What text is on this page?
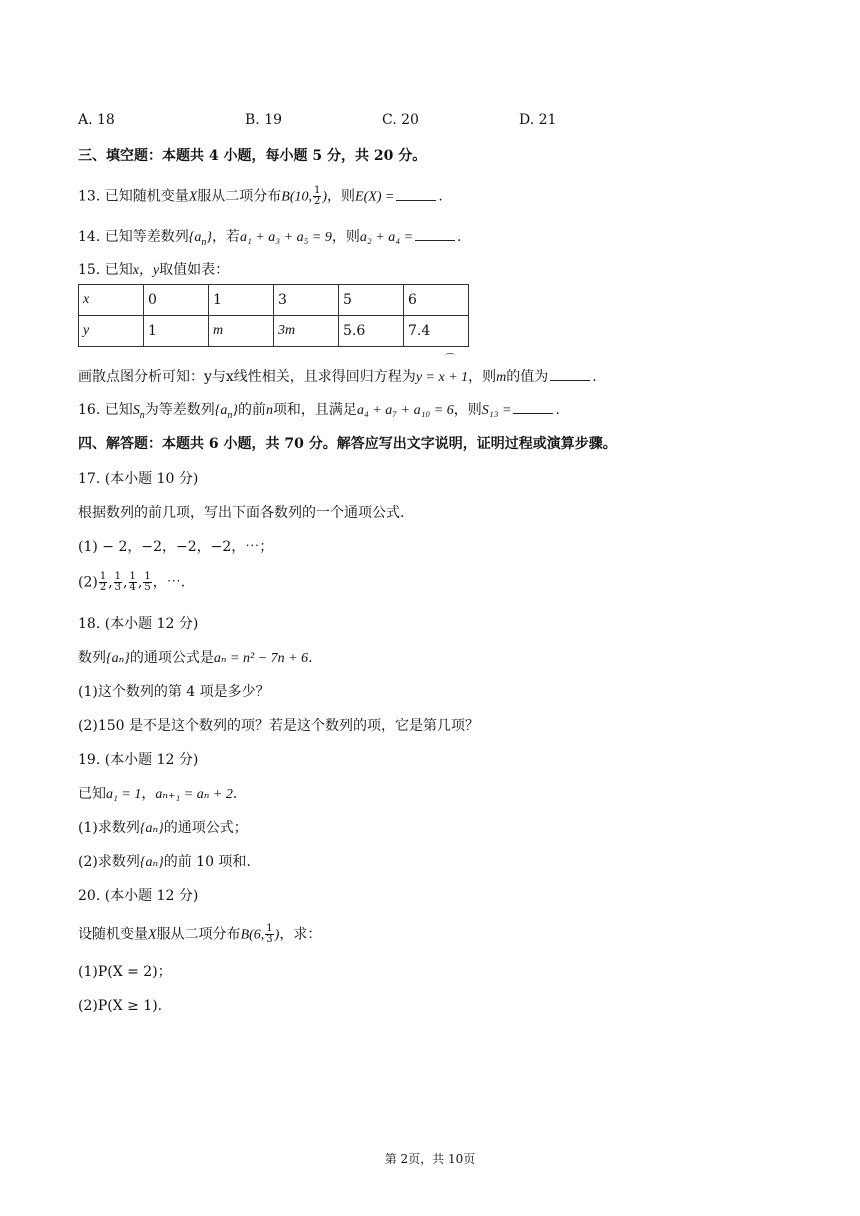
A. 18	B. 19	C. 20	D. 21
三、填空题：本题共 4 小题，每小题 5 分，共 20 分。
13. 已知随机变量X服从二项分布B(10, $\frac{1}{2}$ )，则E(X) =	.
14. 已知等差数列$\{a_n\}$，若a₁ + a₃ + a₅ = 9，则a₂ + a₄ =	.
15. 已知x，y取值如表：
x	0	1	3	5	6
y	1	m	3m	5.6	7.4
⌒
画散点图分析可知：y与x线性相关，且求得回归方程为y = x + 1，则m的值为	.
16. 已知$S_n$为等差数列$\{a_n\}$的前n项和，且满足a₄ + a₇ + a₁₀ = 6，则S₁₃ =	.
四、解答题：本题共 6 小题，共 70 分。解答应写出文字说明，证明过程或演算步骤。
17. (本小题 10 分)
根据数列的前几项，写出下面各数列的一个通项公式.
(1) − 2，−2，−2，−2，⋯；
$(2) \frac{1}{2}$ , $\frac{1}{3}$ , $\frac{1}{4}$ , $\frac{1}{5}$ ，⋯.
18. (本小题 12 分)
数列{aₙ}的通项公式是aₙ = n² − 7n + 6.
(1)这个数列的第 4 项是多少？
(2)150 是不是这个数列的项？若是这个数列的项，它是第几项？
19. (本小题 12 分)
已知a₁ = 1，aₙ₊₁ = aₙ + 2.
(1)求数列{aₙ}的通项公式；
(2)求数列{aₙ}的前 10 项和.
20. (本小题 12 分)
设随机变量X服从二项分布B(6, $\frac{1}{3}$ )，求：
(1)P(X = 2)；
(2)P(X ≥ 1).
第 2页，共 10页
